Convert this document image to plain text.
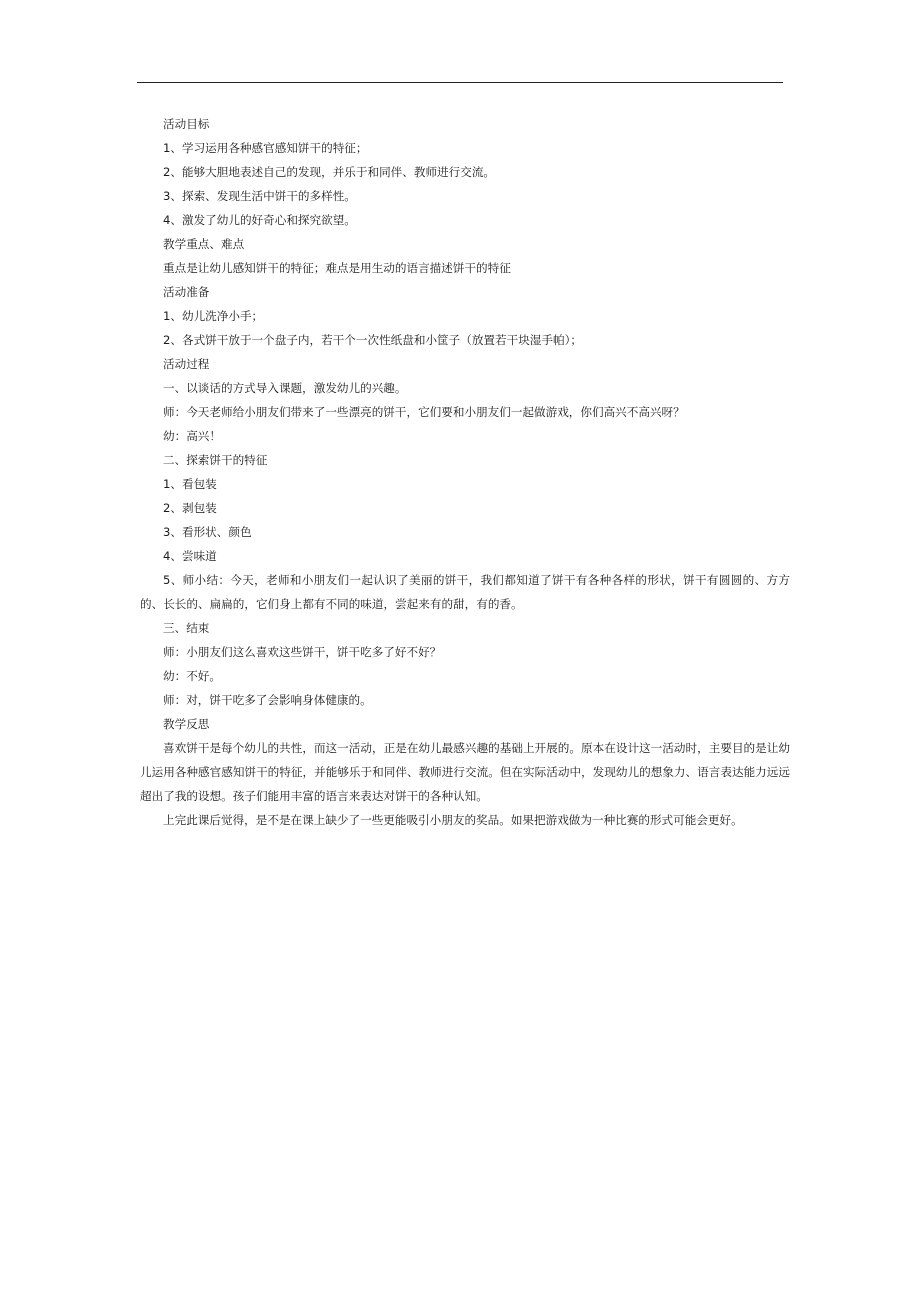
活动目标

1、学习运用各种感官感知饼干的特征；

2、能够大胆地表述自己的发现，并乐于和同伴、教师进行交流。

3、探索、发现生活中饼干的多样性。

4、激发了幼儿的好奇心和探究欲望。

教学重点、难点

重点是让幼儿感知饼干的特征；难点是用生动的语言描述饼干的特征

活动准备

1、幼儿洗净小手；

2、各式饼干放于一个盘子内，若干个一次性纸盘和小筐子（放置若干块湿手帕）；

活动过程

一、以谈话的方式导入课题，激发幼儿的兴趣。

师：今天老师给小朋友们带来了一些漂亮的饼干，它们要和小朋友们一起做游戏，你们高兴不高兴呀？

幼：高兴！

二、探索饼干的特征

1、看包装

2、剥包装

3、看形状、颜色

4、尝味道

5、师小结：今天，老师和小朋友们一起认识了美丽的饼干，我们都知道了饼干有各种各样的形状，饼干有圆圆的、方方的、长长的、扁扁的，它们身上都有不同的味道，尝起来有的甜，有的香。

三、结束

师：小朋友们这么喜欢这些饼干，饼干吃多了好不好？

幼：不好。

师：对，饼干吃多了会影响身体健康的。

教学反思

喜欢饼干是每个幼儿的共性，而这一活动，正是在幼儿最感兴趣的基础上开展的。原本在设计这一活动时，主要目的是让幼儿运用各种感官感知饼干的特征，并能够乐于和同伴、教师进行交流。但在实际活动中，发现幼儿的想象力、语言表达能力远远超出了我的设想。孩子们能用丰富的语言来表达对饼干的各种认知。

上完此课后觉得，是不是在课上缺少了一些更能吸引小朋友的奖品。如果把游戏做为一种比赛的形式可能会更好。
